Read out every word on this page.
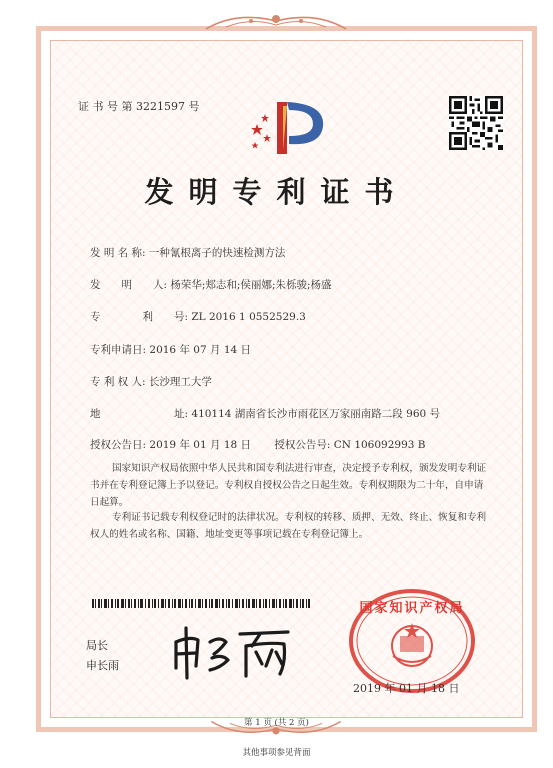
证 书 号 第 3221597 号
发明专利证书
发 明 名 称: 一种氰根离子的快速检测方法
发　　明　　人: 杨荣华;郏志和;侯丽娜;朱栎骏;杨盛
专　　　　利　　号: ZL 2016 1 0552529.3
专利申请日: 2016 年 07 月 14 日
专 利 权 人: 长沙理工大学
地　　　　　　　址: 410114 湖南省长沙市雨花区万家丽南路二段 960 号
授权公告日: 2019 年 01 月 18 日 授权公告号: CN 106092993 B
国家知识产权局依照中华人民共和国专利法进行审查，决定授予专利权，颁发发明专利证书并在专利登记簿上予以登记。专利权自授权公告之日起生效。专利权期限为二十年，自申请日起算。
专利证书记载专利权登记时的法律状况。专利权的转移、质押、无效、终止、恢复和专利权人的姓名或名称、国籍、地址变更等事项记载在专利登记簿上。
局长
申长雨
国家知识产权局
2019 年 01 月 18 日
第 1 页 (共 2 页)
其他事项参见背面
